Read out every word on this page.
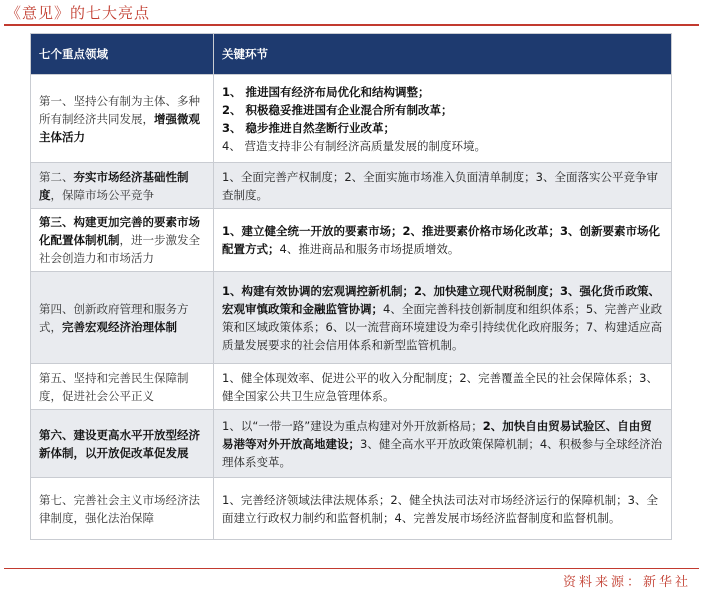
《意见》的七大亮点
七个重点领域	关键环节
第一、坚持公有制为主体、多种所有制经济共同发展，增强微观主体活力	1、 推进国有经济布局优化和结构调整；
2、 积极稳妥推进国有企业混合所有制改革；
3、 稳步推进自然垄断行业改革；
4、 营造支持非公有制经济高质量发展的制度环境。

第二、夯实市场经济基础性制度，保障市场公平竞争	1、全面完善产权制度；2、全面实施市场准入负面清单制度；3、全面落实公平竞争审查制度。

第三、构建更加完善的要素市场化配置体制机制，进一步激发全社会创造力和市场活力	1、建立健全统一开放的要素市场；2、推进要素价格市场化改革；3、创新要素市场化配置方式；4、推进商品和服务市场提质增效。

第四、创新政府管理和服务方式，完善宏观经济治理体制	1、构建有效协调的宏观调控新机制；2、加快建立现代财税制度；3、强化货币政策、宏观审慎政策和金融监管协调；4、全面完善科技创新制度和组织体系；5、完善产业政策和区域政策体系；6、以一流营商环境建设为牵引持续优化政府服务；7、构建适应高质量发展要求的社会信用体系和新型监管机制。

第五、坚持和完善民生保障制度，促进社会公平正义	1、健全体现效率、促进公平的收入分配制度；2、完善覆盖全民的社会保障体系；3、健全国家公共卫生应急管理体系。

第六、建设更高水平开放型经济新体制，以开放促改革促发展	1、以“一带一路”建设为重点构建对外开放新格局；2、加快自由贸易试验区、自由贸易港等对外开放高地建设；3、健全高水平开放政策保障机制；4、积极参与全球经济治理体系变革。

第七、完善社会主义市场经济法律制度，强化法治保障	1、完善经济领域法律法规体系；2、健全执法司法对市场经济运行的保障机制；3、全面建立行政权力制约和监督机制；4、完善发展市场经济监督制度和监督机制。
资料来源：新华社
